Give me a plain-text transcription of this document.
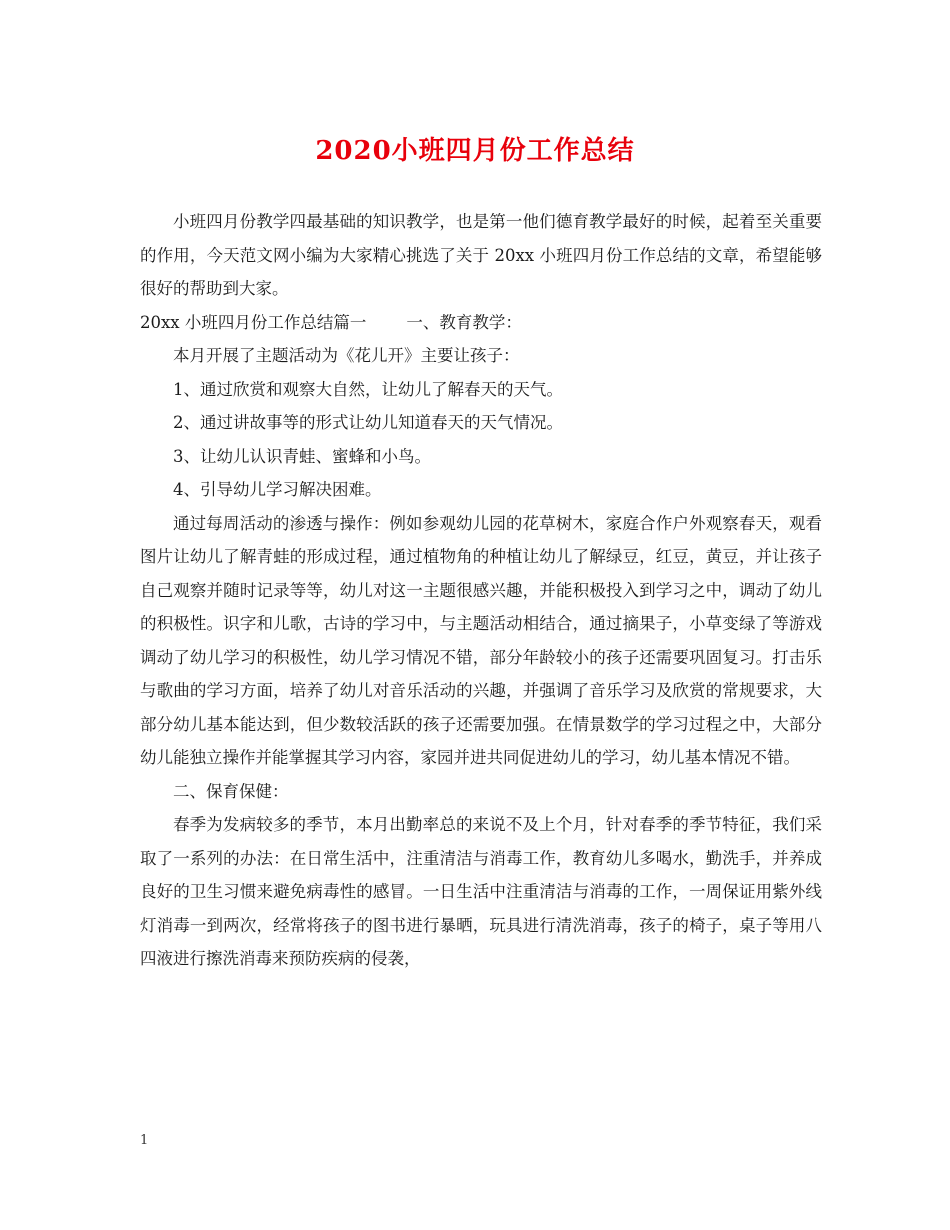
2020小班四月份工作总结

小班四月份教学四最基础的知识教学，也是第一他们德育教学最好的时候，起着至关重要的作用，今天范文网小编为大家精心挑选了关于 20xx 小班四月份工作总结的文章，希望能够很好的帮助到大家。

20xx 小班四月份工作总结篇一 一、教育教学：

本月开展了主题活动为《花儿开》主要让孩子：

1、通过欣赏和观察大自然，让幼儿了解春天的天气。

2、通过讲故事等的形式让幼儿知道春天的天气情况。

3、让幼儿认识青蛙、蜜蜂和小鸟。

4、引导幼儿学习解决困难。

通过每周活动的渗透与操作：例如参观幼儿园的花草树木，家庭合作户外观察春天，观看图片让幼儿了解青蛙的形成过程，通过植物角的种植让幼儿了解绿豆，红豆，黄豆，并让孩子自己观察并随时记录等等，幼儿对这一主题很感兴趣，并能积极投入到学习之中，调动了幼儿的积极性。识字和儿歌，古诗的学习中，与主题活动相结合，通过摘果子，小草变绿了等游戏调动了幼儿学习的积极性，幼儿学习情况不错，部分年龄较小的孩子还需要巩固复习。打击乐与歌曲的学习方面，培养了幼儿对音乐活动的兴趣，并强调了音乐学习及欣赏的常规要求，大部分幼儿基本能达到，但少数较活跃的孩子还需要加强。在情景数学的学习过程之中，大部分幼儿能独立操作并能掌握其学习内容，家园并进共同促进幼儿的学习，幼儿基本情况不错。

二、保育保健：

春季为发病较多的季节，本月出勤率总的来说不及上个月，针对春季的季节特征，我们采取了一系列的办法：在日常生活中，注重清洁与消毒工作，教育幼儿多喝水，勤洗手，并养成良好的卫生习惯来避免病毒性的感冒。一日生活中注重清洁与消毒的工作，一周保证用紫外线灯消毒一到两次，经常将孩子的图书进行暴晒，玩具进行清洗消毒，孩子的椅子，桌子等用八四液进行擦洗消毒来预防疾病的侵袭，

1
